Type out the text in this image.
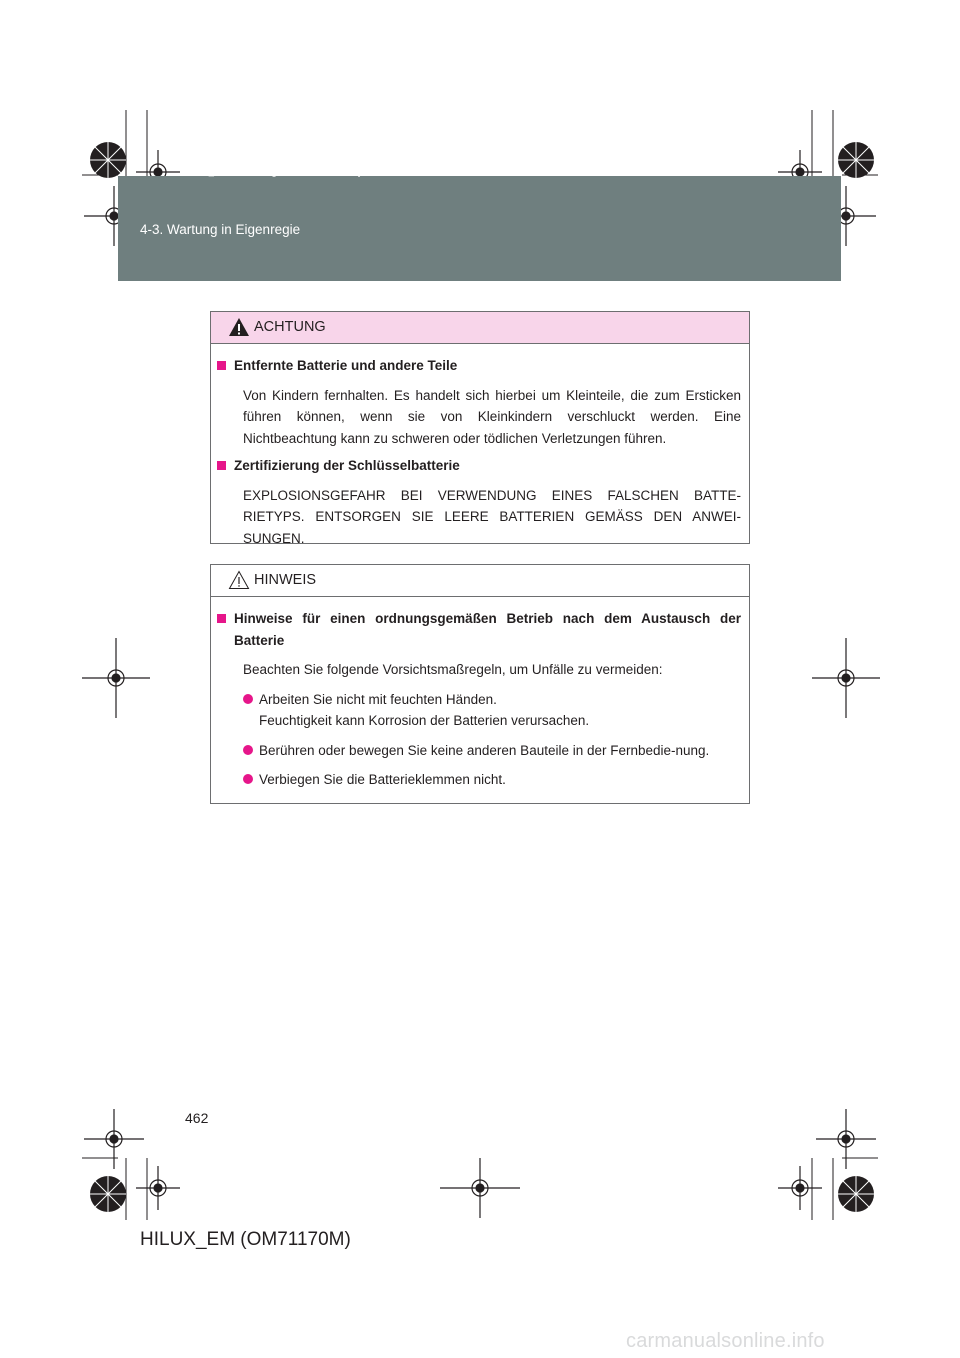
HILUX_EM.book Page 462 Wednesday, March 23, 2011 2:48 PM
4-3. Wartung in Eigenregie
ACHTUNG
Entfernte Batterie und andere Teile
Von Kindern fernhalten. Es handelt sich hierbei um Kleinteile, die zum Ersticken führen können, wenn sie von Kleinkindern verschluckt werden. Eine Nichtbeachtung kann zu schweren oder tödlichen Verletzungen führen.
Zertifizierung der Schlüsselbatterie
EXPLOSIONSGEFAHR BEI VERWENDUNG EINES FALSCHEN BATTE-RIETYPS. ENTSORGEN SIE LEERE BATTERIEN GEMÄSS DEN ANWEI-SUNGEN.
HINWEIS
Hinweise für einen ordnungsgemäßen Betrieb nach dem Austausch der Batterie
Beachten Sie folgende Vorsichtsmaßregeln, um Unfälle zu vermeiden:
Arbeiten Sie nicht mit feuchten Händen.
Feuchtigkeit kann Korrosion der Batterien verursachen.
Berühren oder bewegen Sie keine anderen Bauteile in der Fernbedie-nung.
Verbiegen Sie die Batterieklemmen nicht.
462
HILUX_EM (OM71170M)
carmanualsonline.info
